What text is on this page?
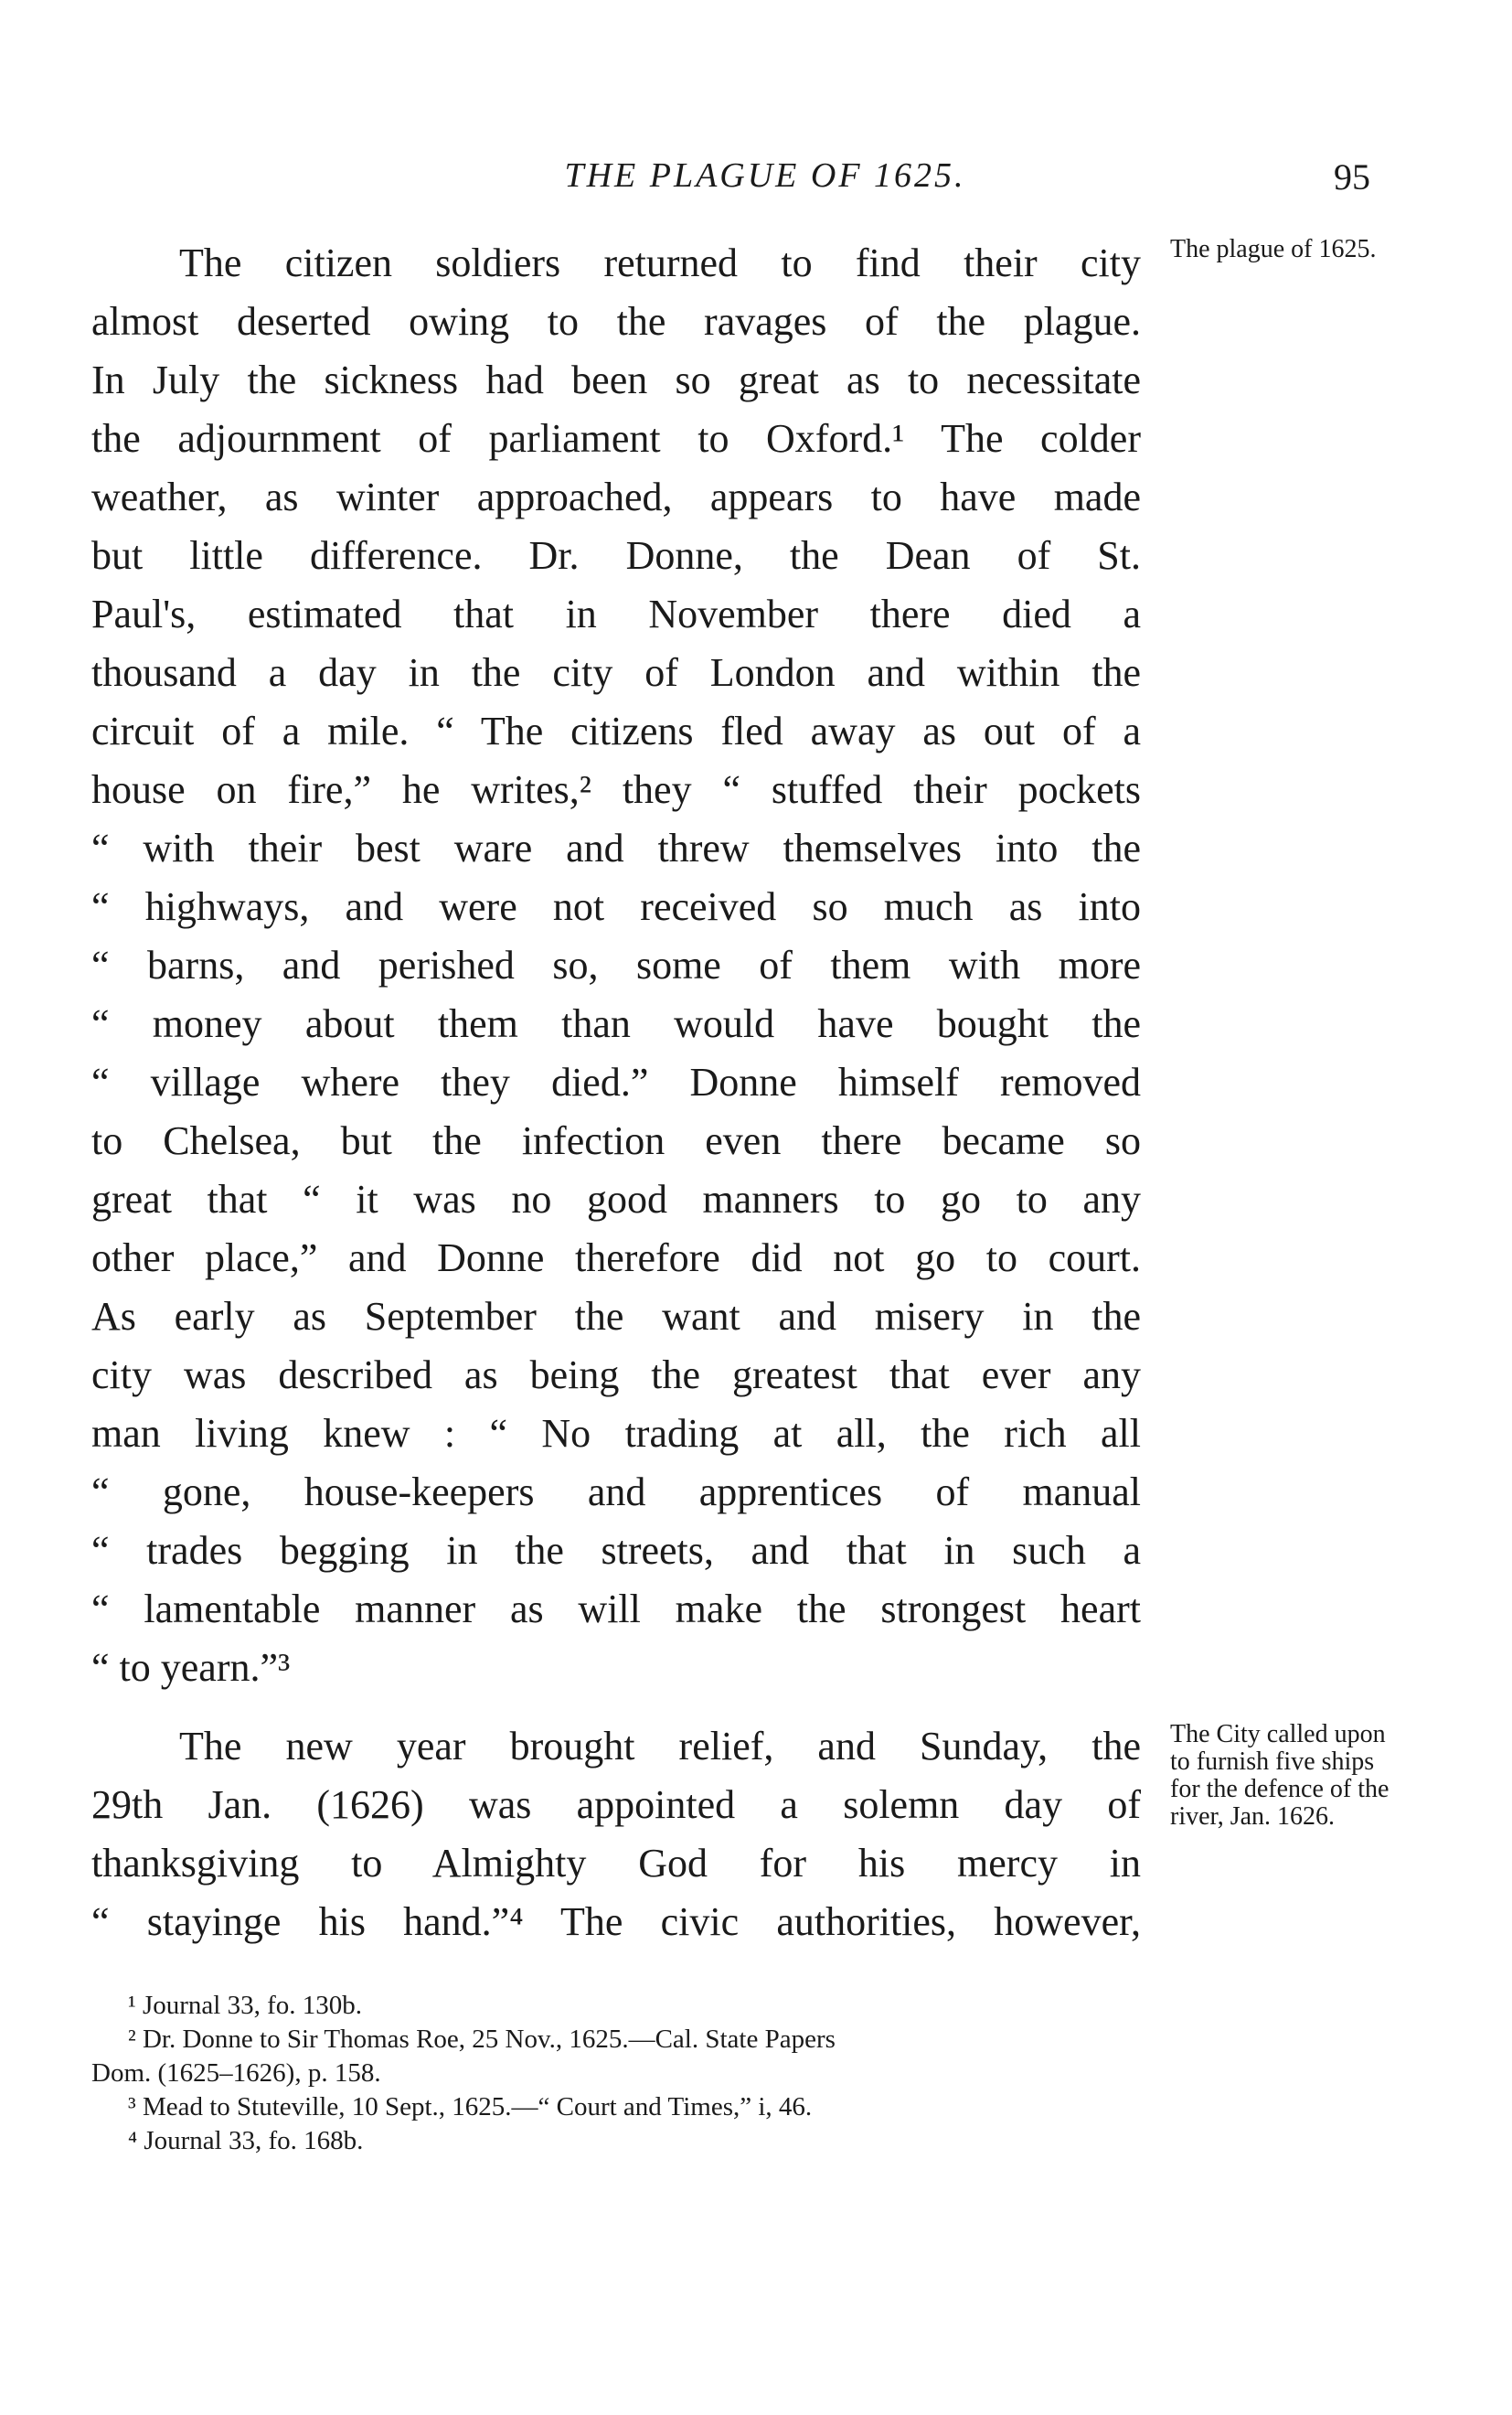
THE PLAGUE OF 1625.	95
The plague of 1625.
The City called upon to furnish five ships for the defence of the river, Jan. 1626.
The citizen soldiers returned to find their city
almost deserted owing to the ravages of the plague.
In July the sickness had been so great as to necessitate
the adjournment of parliament to Oxford.¹ The colder
weather, as winter approached, appears to have made
but little difference. Dr. Donne, the Dean of St.
Paul's, estimated that in November there died a
thousand a day in the city of London and within the
circuit of a mile. “ The citizens fled away as out of a
house on fire,” he writes,² they “ stuffed their pockets
“ with their best ware and threw themselves into the
“ highways, and were not received so much as into
“ barns, and perished so, some of them with more
“ money about them than would have bought the
“ village where they died.” Donne himself removed
to Chelsea, but the infection even there became so
great that “ it was no good manners to go to any
other place,” and Donne therefore did not go to court.
As early as September the want and misery in the
city was described as being the greatest that ever any
man living knew : “ No trading at all, the rich all
“ gone, house-keepers and apprentices of manual
“ trades begging in the streets, and that in such a
“ lamentable manner as will make the strongest heart
“ to yearn.”³
The new year brought relief, and Sunday, the
29th Jan. (1626) was appointed a solemn day of
thanksgiving to Almighty God for his mercy in
“ stayinge his hand.”⁴ The civic authorities, however,
¹ Journal 33, fo. 130b.
² Dr. Donne to Sir Thomas Roe, 25 Nov., 1625.—Cal. State Papers
Dom. (1625–1626), p. 158.
³ Mead to Stuteville, 10 Sept., 1625.—“ Court and Times,” i, 46.
⁴ Journal 33, fo. 168b.
